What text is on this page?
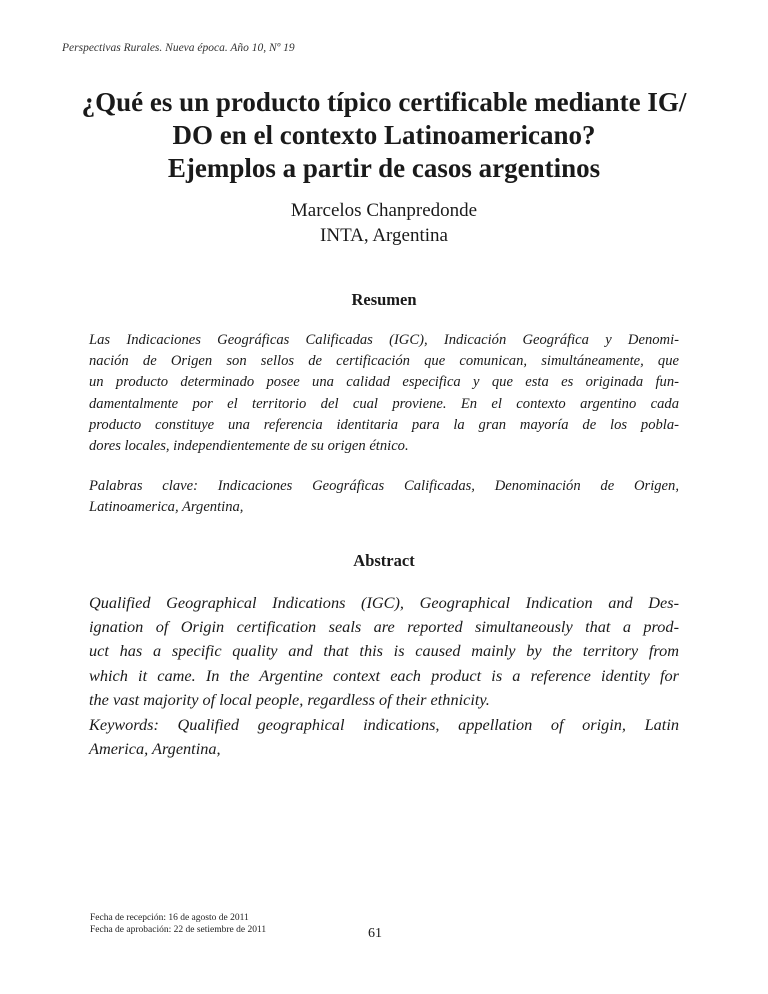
Perspectivas Rurales. Nueva época. Año 10, Nº 19
¿Qué es un producto típico certificable mediante IG/
DO en el contexto Latinoamericano?
Ejemplos a partir de casos argentinos
Marcelos Chanpredonde
INTA, Argentina
Resumen

Las Indicaciones Geográficas Calificadas (IGC), Indicación Geográfica y Denomi-
nación de Origen son sellos de certificación que comunican, simultáneamente, que
un producto determinado posee una calidad especifica y que esta es originada fun-
damentalmente por el territorio del cual proviene. En el contexto argentino cada
producto constituye una referencia identitaria para la gran mayoría de los pobla-
dores locales, independientemente de su origen étnico.

Palabras clave: Indicaciones Geográficas Calificadas, Denominación de Origen,
Latinoamerica, Argentina,

Abstract

Qualified Geographical Indications (IGC), Geographical Indication and Des-
ignation of Origin certification seals are reported simultaneously that a prod-
uct has a specific quality and that this is caused mainly by the territory from
which it came. In the Argentine context each product is a reference identity for
the vast majority of local people, regardless of their ethnicity.

Keywords: Qualified geographical indications, appellation of origin, Latin
America, Argentina,

Fecha de recepción: 16 de agosto de 2011
Fecha de aprobación: 22 de setiembre de 2011	61
